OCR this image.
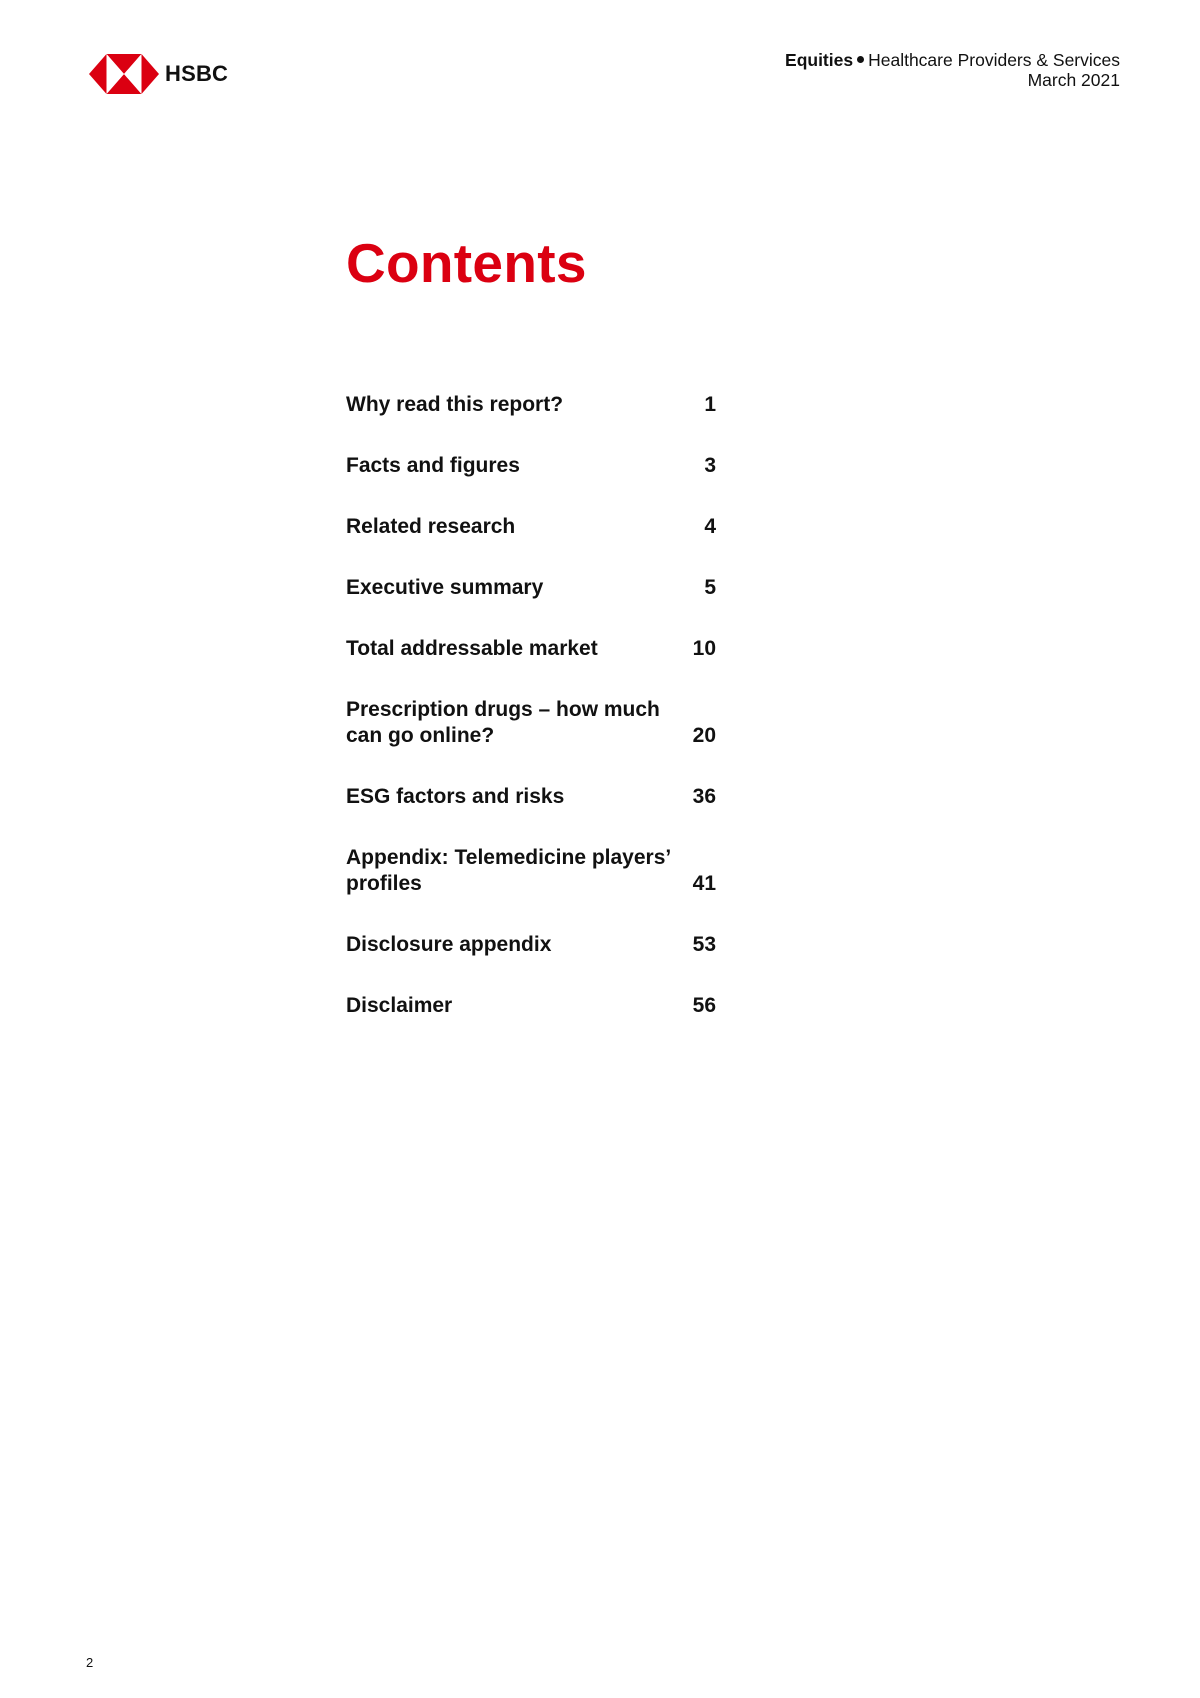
HSBC
Equities Healthcare Providers & Services
March 2021
Contents
Why read this report?	1
Facts and figures	3
Related research	4
Executive summary	5
Total addressable market	10
Prescription drugs – how much can go online?	20
ESG factors and risks	36
Appendix: Telemedicine players’ profiles	41
Disclosure appendix	53
Disclaimer	56
2
